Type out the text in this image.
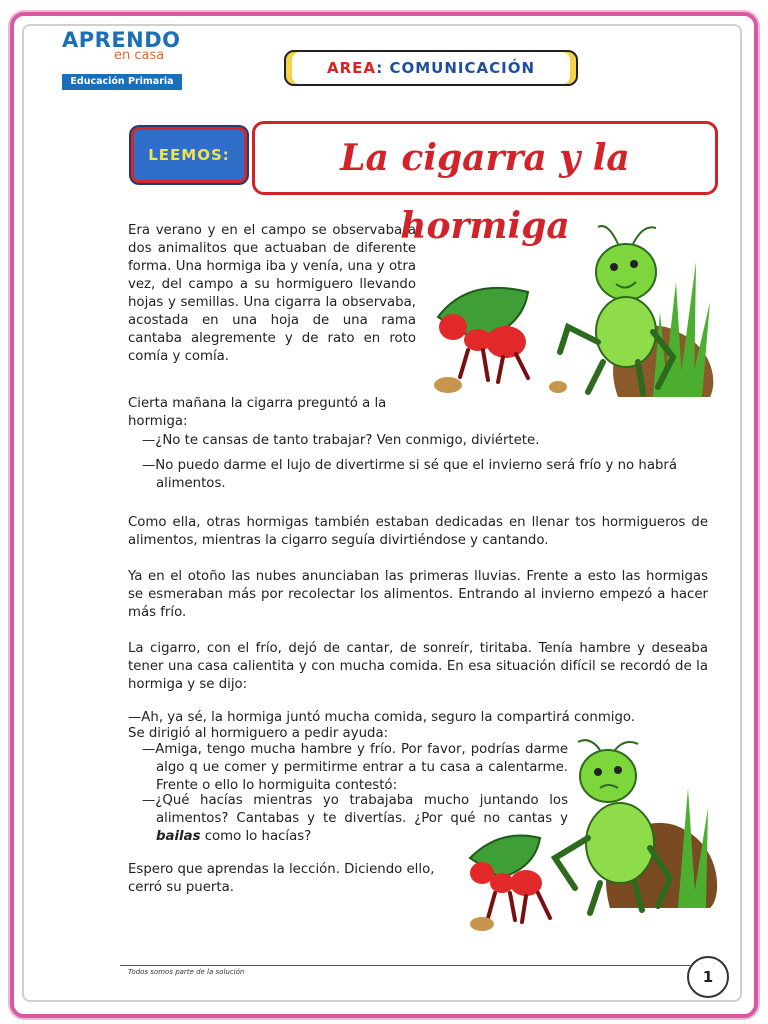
APRENDO
en casa
Educación Primaria
AREA: COMUNICACIÓN
LEEMOS:	La cigarra y la hormiga
Era verano y en el campo se observaba a dos animalitos que actuaban de diferente forma. Una hormiga iba y venía, una y otra vez, del campo a su hormiguero llevando hojas y semillas. Una cigarra la observaba, acostada en una hoja de una rama cantaba alegremente y de rato en roto comía y comía.
Cierta mañana la cigarra preguntó a la hormiga:
—¿No te cansas de tanto trabajar? Ven conmigo, diviértete.
—No puedo darme el lujo de divertirme si sé que el invierno será frío y no habrá alimentos.
Como ella, otras hormigas también estaban dedicadas en llenar tos hormigueros de alimentos, mientras la cigarro seguía divirtiéndose y cantando.
Ya en el otoño las nubes anunciaban las primeras lluvias. Frente a esto las hormigas se esmeraban más por recolectar los alimentos. Entrando al invierno empezó a hacer más frío.
La cigarro, con el frío, dejó de cantar, de sonreír, tiritaba. Tenía hambre y deseaba tener una casa calientita y con mucha comida. En esa situación difícil se recordó de la hormiga y se dijo:
—Ah, ya sé, la hormiga juntó mucha comida, seguro la compartirá conmigo.
Se dirigió al hormiguero a pedir ayuda:
—Amiga, tengo mucha hambre y frío. Por favor, podrías darme algo q ue comer y permitirme entrar a tu casa a calentarme. Frente o ello lo hormiguita contestó:
—¿Qué hacías mientras yo trabajaba mucho juntando los alimentos? Cantabas y te divertías. ¿Por qué no cantas y bailas como lo hacías?
Espero que aprendas la lección. Diciendo ello, cerró su puerta.
Todos somos parte de la solución	1
